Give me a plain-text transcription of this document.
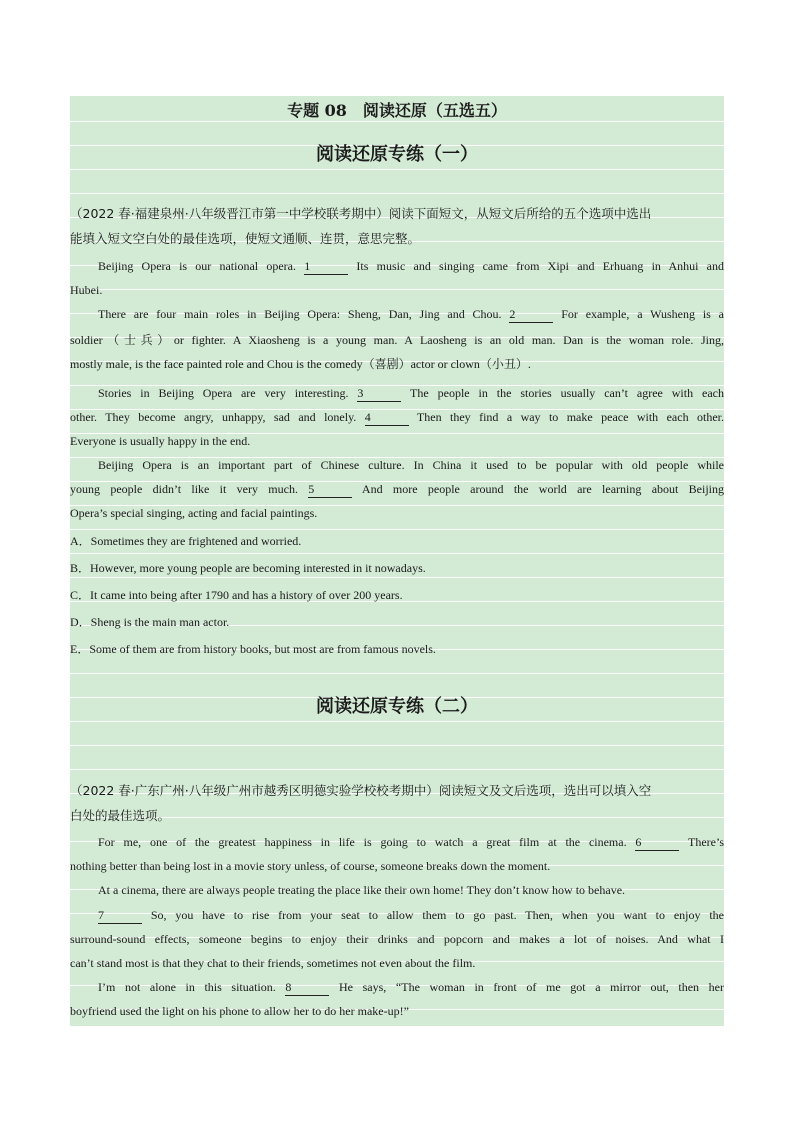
专题 08　阅读还原（五选五）
阅读还原专练（一）
（2022 春·福建泉州·八年级晋江市第一中学校联考期中）阅读下面短文，从短文后所给的五个选项中选出
能填入短文空白处的最佳选项，使短文通顺、连贯，意思完整。
Beijing Opera is our national opera. 1	Its music and singing came from Xipi and Erhuang in Anhui and
Hubei.
There are four main roles in Beijing Opera: Sheng, Dan, Jing and Chou. 2	For example, a Wusheng is a
soldier（士兵）or fighter. A Xiaosheng is a young man. A Laosheng is an old man. Dan is the woman role. Jing,
mostly male, is the face painted role and Chou is the comedy（喜剧）actor or clown（小丑）.
Stories in Beijing Opera are very interesting. 3	The people in the stories usually can’t agree with each
other. They become angry, unhappy, sad and lonely. 4	Then they find a way to make peace with each other.
Everyone is usually happy in the end.
Beijing Opera is an important part of Chinese culture. In China it used to be popular with old people while
young people didn’t like it very much. 5	And more people around the world are learning about Beijing
Opera’s special singing, acting and facial paintings.
A．Sometimes they are frightened and worried.
B．However, more young people are becoming interested in it nowadays.
C．It came into being after 1790 and has a history of over 200 years.
D．Sheng is the main man actor.
E．Some of them are from history books, but most are from famous novels.
阅读还原专练（二）
（2022 春·广东广州·八年级广州市越秀区明德实验学校校考期中）阅读短文及文后选项，选出可以填入空
白处的最佳选项。
For me, one of the greatest happiness in life is going to watch a great film at the cinema. 6	There’s
nothing better than being lost in a movie story unless, of course, someone breaks down the moment.
At a cinema, there are always people treating the place like their own home! They don’t know how to behave.
7	So, you have to rise from your seat to allow them to go past. Then, when you want to enjoy the
surround-sound effects, someone begins to enjoy their drinks and popcorn and makes a lot of noises. And what I
can’t stand most is that they chat to their friends, sometimes not even about the film.
I’m not alone in this situation. 8	He says, “The woman in front of me got a mirror out, then her
boyfriend used the light on his phone to allow her to do her make-up!”
